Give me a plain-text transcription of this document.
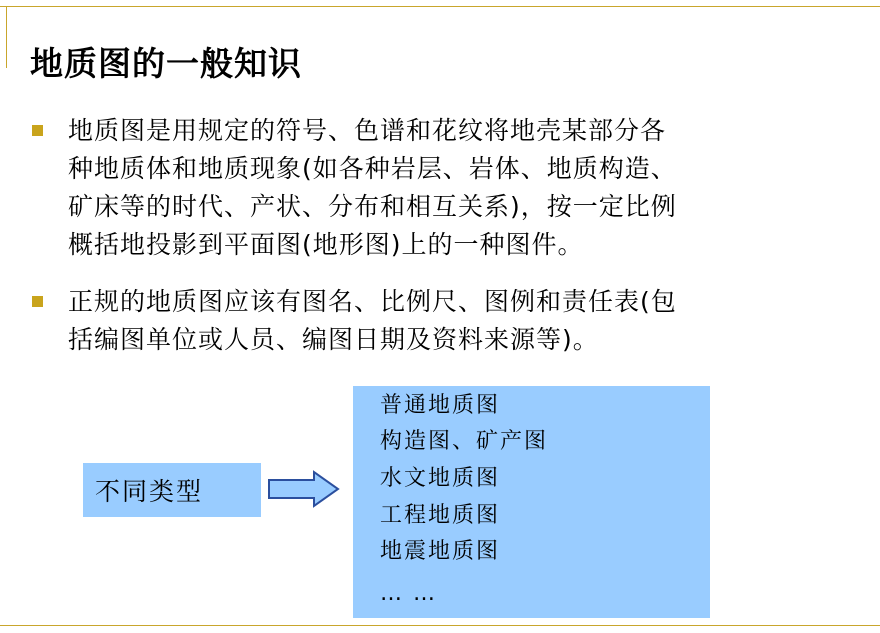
地质图的一般知识
地质图是用规定的符号、色谱和花纹将地壳某部分各
种地质体和地质现象(如各种岩层、岩体、地质构造、
矿床等的时代、产状、分布和相互关系)，按一定比例
概括地投影到平面图(地形图)上的一种图件。
正规的地质图应该有图名、比例尺、图例和责任表(包
括编图单位或人员、编图日期及资料来源等)。
不同类型
普通地质图
构造图、矿产图
水文地质图
工程地质图
地震地质图
… …
